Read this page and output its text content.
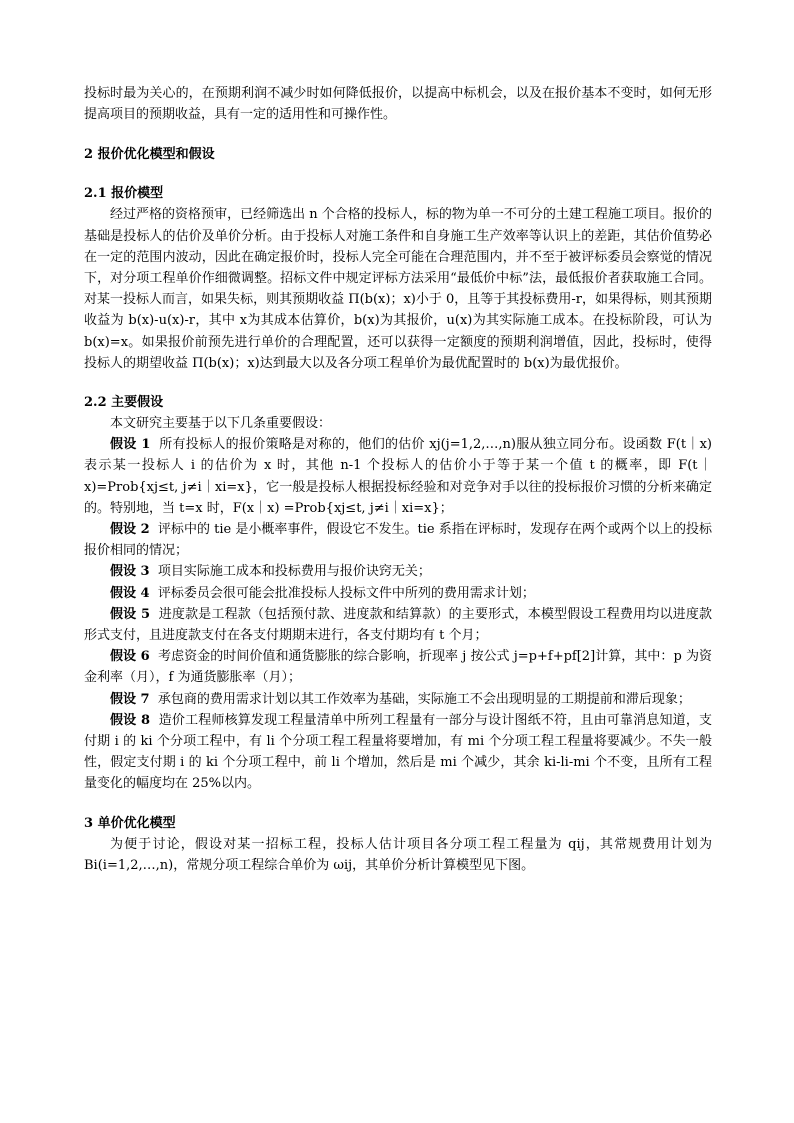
投标时最为关心的，在预期利润不减少时如何降低报价，以提高中标机会，以及在报价基本不变时，如何无形提高项目的预期收益，具有一定的适用性和可操作性。

2 报价优化模型和假设
2.1 报价模型

经过严格的资格预审，已经筛选出 n 个合格的投标人，标的物为单一不可分的土建工程施工项目。报价的基础是投标人的估价及单价分析。由于投标人对施工条件和自身施工生产效率等认识上的差距，其估价值势必在一定的范围内波动，因此在确定报价时，投标人完全可能在合理范围内，并不至于被评标委员会察觉的情况下，对分项工程单价作细微调整。招标文件中规定评标方法采用“最低价中标”法，最低报价者获取施工合同。对某一投标人而言，如果失标，则其预期收益 Π(b(x)；x)小于 0，且等于其投标费用-r，如果得标，则其预期收益为 b(x)-u(x)-r，其中 x为其成本估算价，b(x)为其报价，u(x)为其实际施工成本。在投标阶段，可认为 b(x)=x。如果报价前预先进行单价的合理配置，还可以获得一定额度的预期利润增值，因此，投标时，使得投标人的期望收益 Π(b(x)；x)达到最大以及各分项工程单价为最优配置时的 b(x)为最优报价。

2.2 主要假设

本文研究主要基于以下几条重要假设：

假设 1 所有投标人的报价策略是对称的，他们的估价 xj(j=1,2,…,n)服从独立同分布。设函数 F(t｜x)表示某一投标人 i 的估价为 x 时，其他 n-1 个投标人的估价小于等于某一个值 t 的概率，即 F(t｜x)=Prob{xj≤t, j≠i｜xi=x}，它一般是投标人根据投标经验和对竞争对手以往的投标报价习惯的分析来确定的。特别地，当 t=x 时，F(x｜x) =Prob{xj≤t, j≠i｜xi=x}；

假设 2 评标中的 tie 是小概率事件，假设它不发生。tie 系指在评标时，发现存在两个或两个以上的投标报价相同的情况；

假设 3 项目实际施工成本和投标费用与报价诀窍无关；

假设 4 评标委员会很可能会批准投标人投标文件中所列的费用需求计划；

假设 5 进度款是工程款（包括预付款、进度款和结算款）的主要形式，本模型假设工程费用均以进度款形式支付，且进度款支付在各支付期期末进行，各支付期均有 t 个月；

假设 6 考虑资金的时间价值和通货膨胀的综合影响，折现率 j 按公式 j=p+f+pf[2]计算，其中：p 为资金利率（月），f 为通货膨胀率（月）；

假设 7 承包商的费用需求计划以其工作效率为基础，实际施工不会出现明显的工期提前和滞后现象；

假设 8 造价工程师核算发现工程量清单中所列工程量有一部分与设计图纸不符，且由可靠消息知道，支付期 i 的 ki 个分项工程中，有 li 个分项工程工程量将要增加，有 mi 个分项工程工程量将要减少。不失一般性，假定支付期 i 的 ki 个分项工程中，前 li 个增加，然后是 mi 个减少，其余 ki-li-mi 个不变，且所有工程量变化的幅度均在 25%以内。

3 单价优化模型

为便于讨论，假设对某一招标工程，投标人估计项目各分项工程工程量为 qij，其常规费用计划为 Bi(i=1,2,…,n)，常规分项工程综合单价为 ωij，其单价分析计算模型见下图。
